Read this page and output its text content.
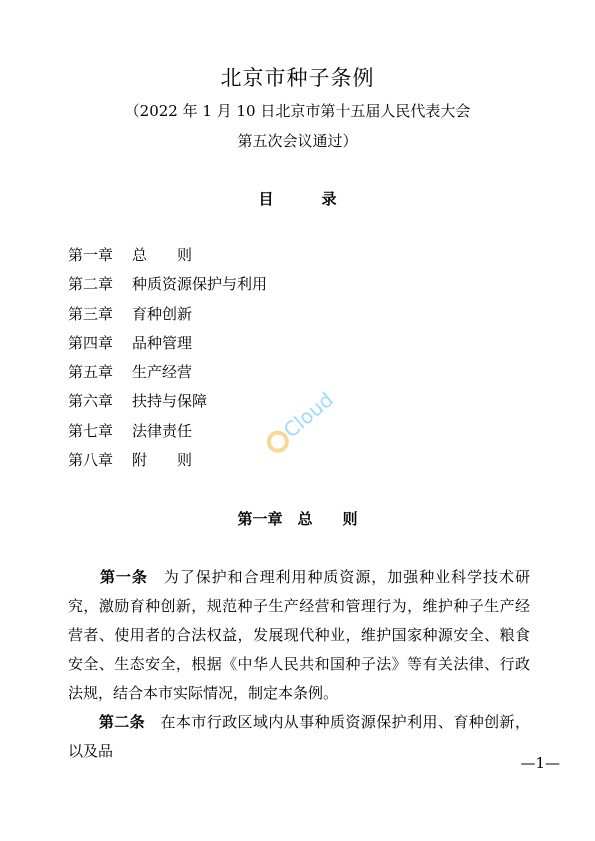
北京市种子条例
（2022 年 1 月 10 日北京市第十五届人民代表大会
第五次会议通过）
目	录
第一章 总　　则
第二章 种质资源保护与利用
第三章 育种创新
第四章 品种管理
第五章 生产经营
第六章 扶持与保障
第七章 法律责任
第八章 附　　则
Cloud
第一章　总　　则

　　第一条　 为了保护和合理利用种质资源，加强种业科学技术研究，激励育种创新，规范种子生产经营和管理行为，维护种子生产经营者、使用者的合法权益，发展现代种业，维护国家种源安全、粮食安全、生态安全，根据《中华人民共和国种子法》等有关法律、行政法规，结合本市实际情况，制定本条例。

　　第二条　 在本市行政区域内从事种质资源保护利用、育种创新，以及品

—1—
